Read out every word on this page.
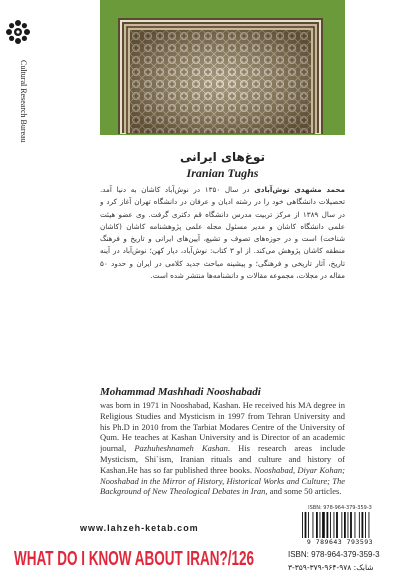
Cultural Research Bureau
توغ‌های ایرانی
Iranian Tughs
محمد مشهدی نوش‌آبادی در سال ۱۳۵۰ در نوش‌آباد کاشان به دنیا آمد. تحصیلات دانشگاهی خود را در رشته ادیان و عرفان در دانشگاه تهران آغاز کرد و در سال ۱۳۸۹ از مرکز تربیت مدرس دانشگاه قم دکتری گرفت. وی عضو هیئت علمی دانشگاه کاشان و مدیر مسئول مجله علمی پژوهشنامه کاشان (کاشان شناخت) است و در حوزه‌های تصوف و تشیع، آیین‌های ایرانی و تاریخ و فرهنگ منطقه کاشان پژوهش می‌کند. از او ۳ کتاب: نوش‌آباد، دیار کهن؛ نوش‌آباد در آینه تاریخ، آثار تاریخی و فرهنگی؛ و پیشینه مباحث جدید کلامی در ایران و حدود ۵۰ مقاله در مجلات، مجموعه مقالات و دانشنامه‌ها منتشر شده است.
Mohammad Mashhadi Nooshabadi
was born in 1971 in Nooshabad, Kashan. He received his MA degree in Religious Studies and Mysticism in 1997 from Tehran University and his Ph.D in 2010 from the Tarbiat Modares Centre of the University of Qum. He teaches at Kashan University and is Director of an academic journal, Pazhuheshnameh Kashan. His research areas include Mysticism, Shi`ism, Iranian rituals and culture and history of Kashan.He has so far published three books. Nooshabad, Diyar Kohan; Nooshabad in the Mirror of History, Historical Works and Culture; The Background of New Theological Debates in Iran, and some 50 articles.
ISBN: 978-964-379-359-3
9 789643 793593
www.lahzeh-ketab.com
WHAT DO I KNOW ABOUT IRAN?/126	ISBN: 978-964-379-359-3
شابک: ۹۷۸-۹۶۴-۳۷۹-۳۵۹-۳
